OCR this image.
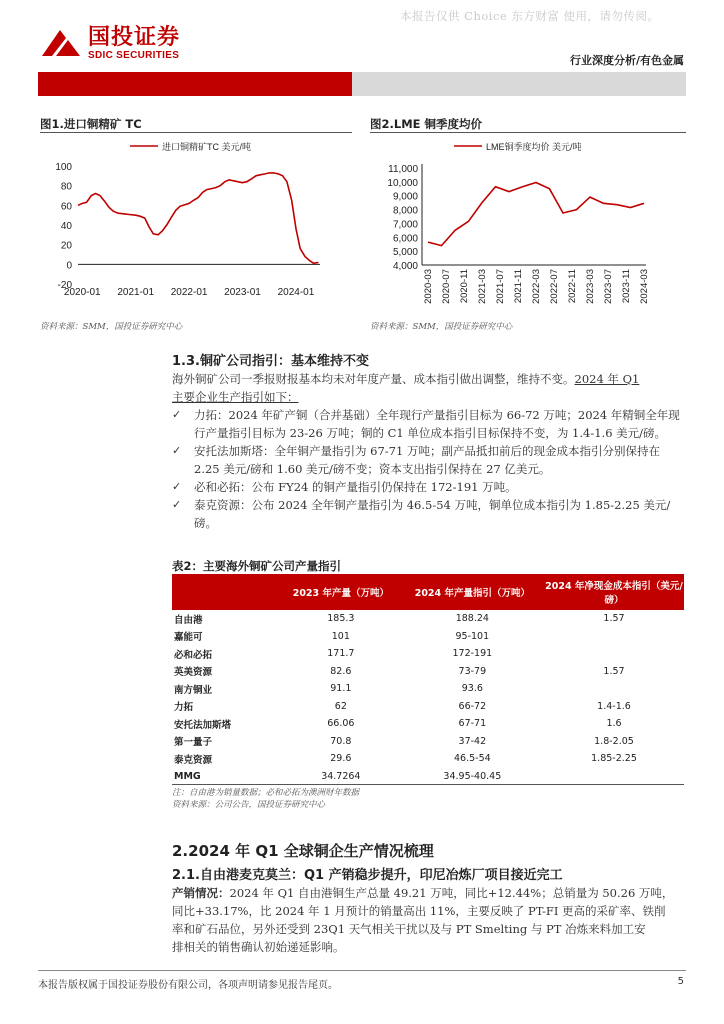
本报告仅供 Choice 东方财富 使用，请勿传阅。
国投证券
SDIC SECURITIES	行业深度分析/有色金属
图1.进口铜精矿 TC
进口铜精矿TC 美元/吨
100
80
60
40
20
0
-20
2020-01 2021-01 2022-01 2023-01 2024-01
资料来源：SMM，国投证券研究中心
图2.LME 铜季度均价
LME铜季度均价 美元/吨
11,000
10,000
9,000
8,000
7,000
6,000
5,000
4,000
2020-03 2020-07 2020-11 2021-03 2021-07 2021-11 2022-03 2022-07 2022-11 2023-03 2023-07 2023-11 2024-03
资料来源：SMM，国投证券研究中心
1.3.铜矿公司指引：基本维持不变
海外铜矿公司一季报财报基本均未对年度产量、成本指引做出调整，维持不变。2024 年 Q1
主要企业生产指引如下：
✓ 力拓：2024 年矿产铜（合并基础）全年现行产量指引目标为 66-72 万吨；2024 年精铜全年现行产量指引目标为 23-26 万吨；铜的 C1 单位成本指引目标保持不变，为 1.4-1.6 美元/磅。
✓ 安托法加斯塔：全年铜产量指引为 67-71 万吨；副产品抵扣前后的现金成本指引分别保持在 2.25 美元/磅和 1.60 美元/磅不变；资本支出指引保持在 27 亿美元。
✓ 必和必拓：公布 FY24 的铜产量指引仍保持在 172-191 万吨。
✓ 泰克资源：公布 2024 全年铜产量指引为 46.5-54 万吨，铜单位成本指引为 1.85-2.25 美元/磅。
表2：主要海外铜矿公司产量指引
	2023 年产量（万吨）	2024 年产量指引（万吨）	2024 年净现金成本指引（美元/磅）
自由港	185.3	188.24	1.57
嘉能可	101	95-101	
必和必拓	171.7	172-191	
英美资源	82.6	73-79	1.57
南方铜业	91.1	93.6	
力拓	62	66-72	1.4-1.6
安托法加斯塔	66.06	67-71	1.6
第一量子	70.8	37-42	1.8-2.05
泰克资源	29.6	46.5-54	1.85-2.25
MMG	34.7264	34.95-40.45	
注：自由港为销量数据；必和必拓为澳洲财年数据
资料来源：公司公告，国投证券研究中心
2.2024 年 Q1 全球铜企生产情况梳理
2.1.自由港麦克莫兰：Q1 产销稳步提升，印尼冶炼厂项目接近完工
产销情况：2024 年 Q1 自由港铜生产总量 49.21 万吨，同比+12.44%；总销量为 50.26 万吨，
同比+33.17%，比 2024 年 1 月预计的销量高出 11%，主要反映了 PT-FI 更高的采矿率、铁削
率和矿石品位，另外还受到 23Q1 天气相关干扰以及与 PT Smelting 与 PT 冶炼来料加工安
排相关的销售确认初始递延影响。
本报告版权属于国投证券股份有限公司，各项声明请参见报告尾页。	5
